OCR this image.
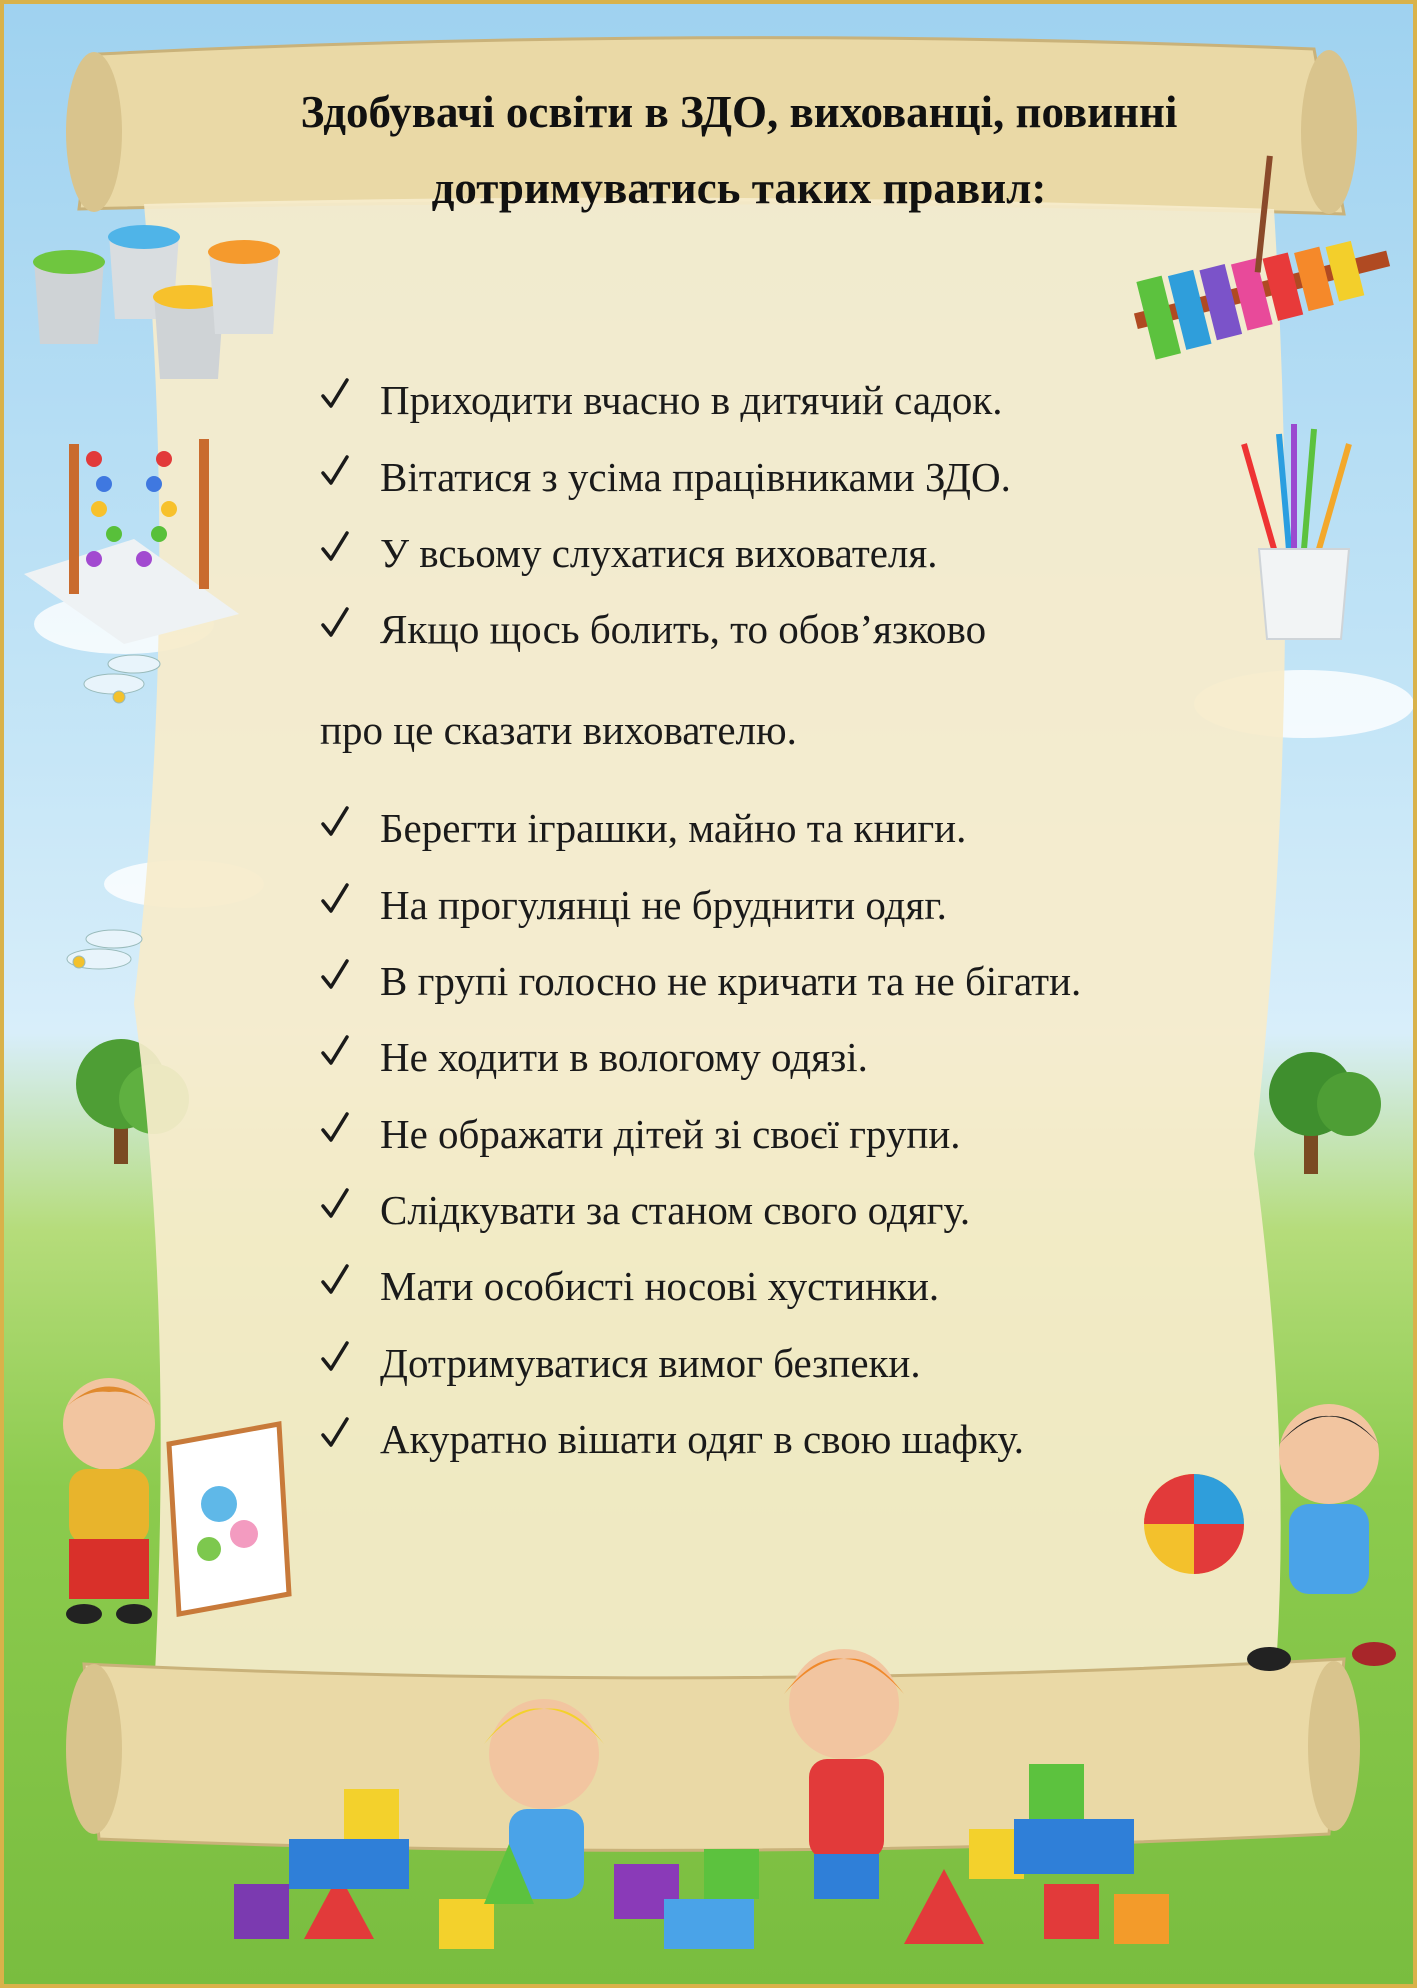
Здобувачі освіти в ЗДО, вихованці, повинні
дотримуватись таких правил:
Приходити вчасно в дитячий садок.
Вітатися з усіма працівниками ЗДО.
У всьому слухатися вихователя.
Якщо щось болить, то обов’язково
Берегти іграшки, майно та книги.
На прогулянці не бруднити одяг.
В групі голосно не кричати та не бігати.
Не ходити в вологому одязі.
Не ображати дітей зі своєї групи.
Слідкувати за станом свого одягу.
Мати особисті носові хустинки.
Дотримуватися вимог безпеки.
Акуратно вішати одяг в свою шафку.
про це сказати вихователю.
